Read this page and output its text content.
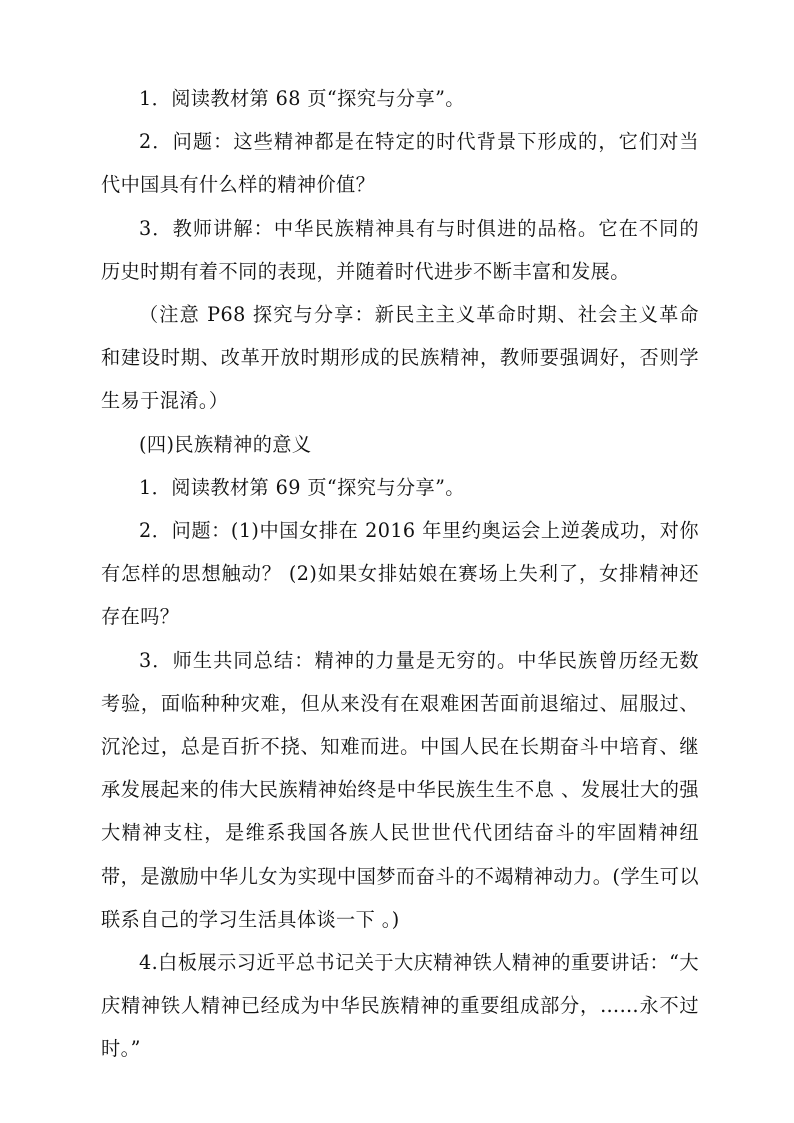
1．阅读教材第 68 页“探究与分享”。

2．问题：这些精神都是在特定的时代背景下形成的，它们对当代中国具有什么样的精神价值？

3．教师讲解：中华民族精神具有与时俱进的品格。它在不同的历史时期有着不同的表现，并随着时代进步不断丰富和发展。

（注意 P68 探究与分享：新民主主义革命时期、社会主义革命和建设时期、改革开放时期形成的民族精神，教师要强调好，否则学生易于混淆。）

(四)民族精神的意义

1．阅读教材第 69 页“探究与分享”。

2．问题：(1)中国女排在 2016 年里约奥运会上逆袭成功，对你有怎样的思想触动？ (2)如果女排姑娘在赛场上失利了，女排精神还存在吗？

3．师生共同总结：精神的力量是无穷的。中华民族曾历经无数考验，面临种种灾难，但从来没有在艰难困苦面前退缩过、屈服过、沉沦过，总是百折不挠、知难而进。中国人民在长期奋斗中培育、继承发展起来的伟大民族精神始终是中华民族生生不息 、发展壮大的强大精神支柱，是维系我国各族人民世世代代团结奋斗的牢固精神纽带，是激励中华儿女为实现中国梦而奋斗的不竭精神动力。(学生可以联系自己的学习生活具体谈一下 。)

4.白板展示习近平总书记关于大庆精神铁人精神的重要讲话：“大庆精神铁人精神已经成为中华民族精神的重要组成部分，……永不过时。”
